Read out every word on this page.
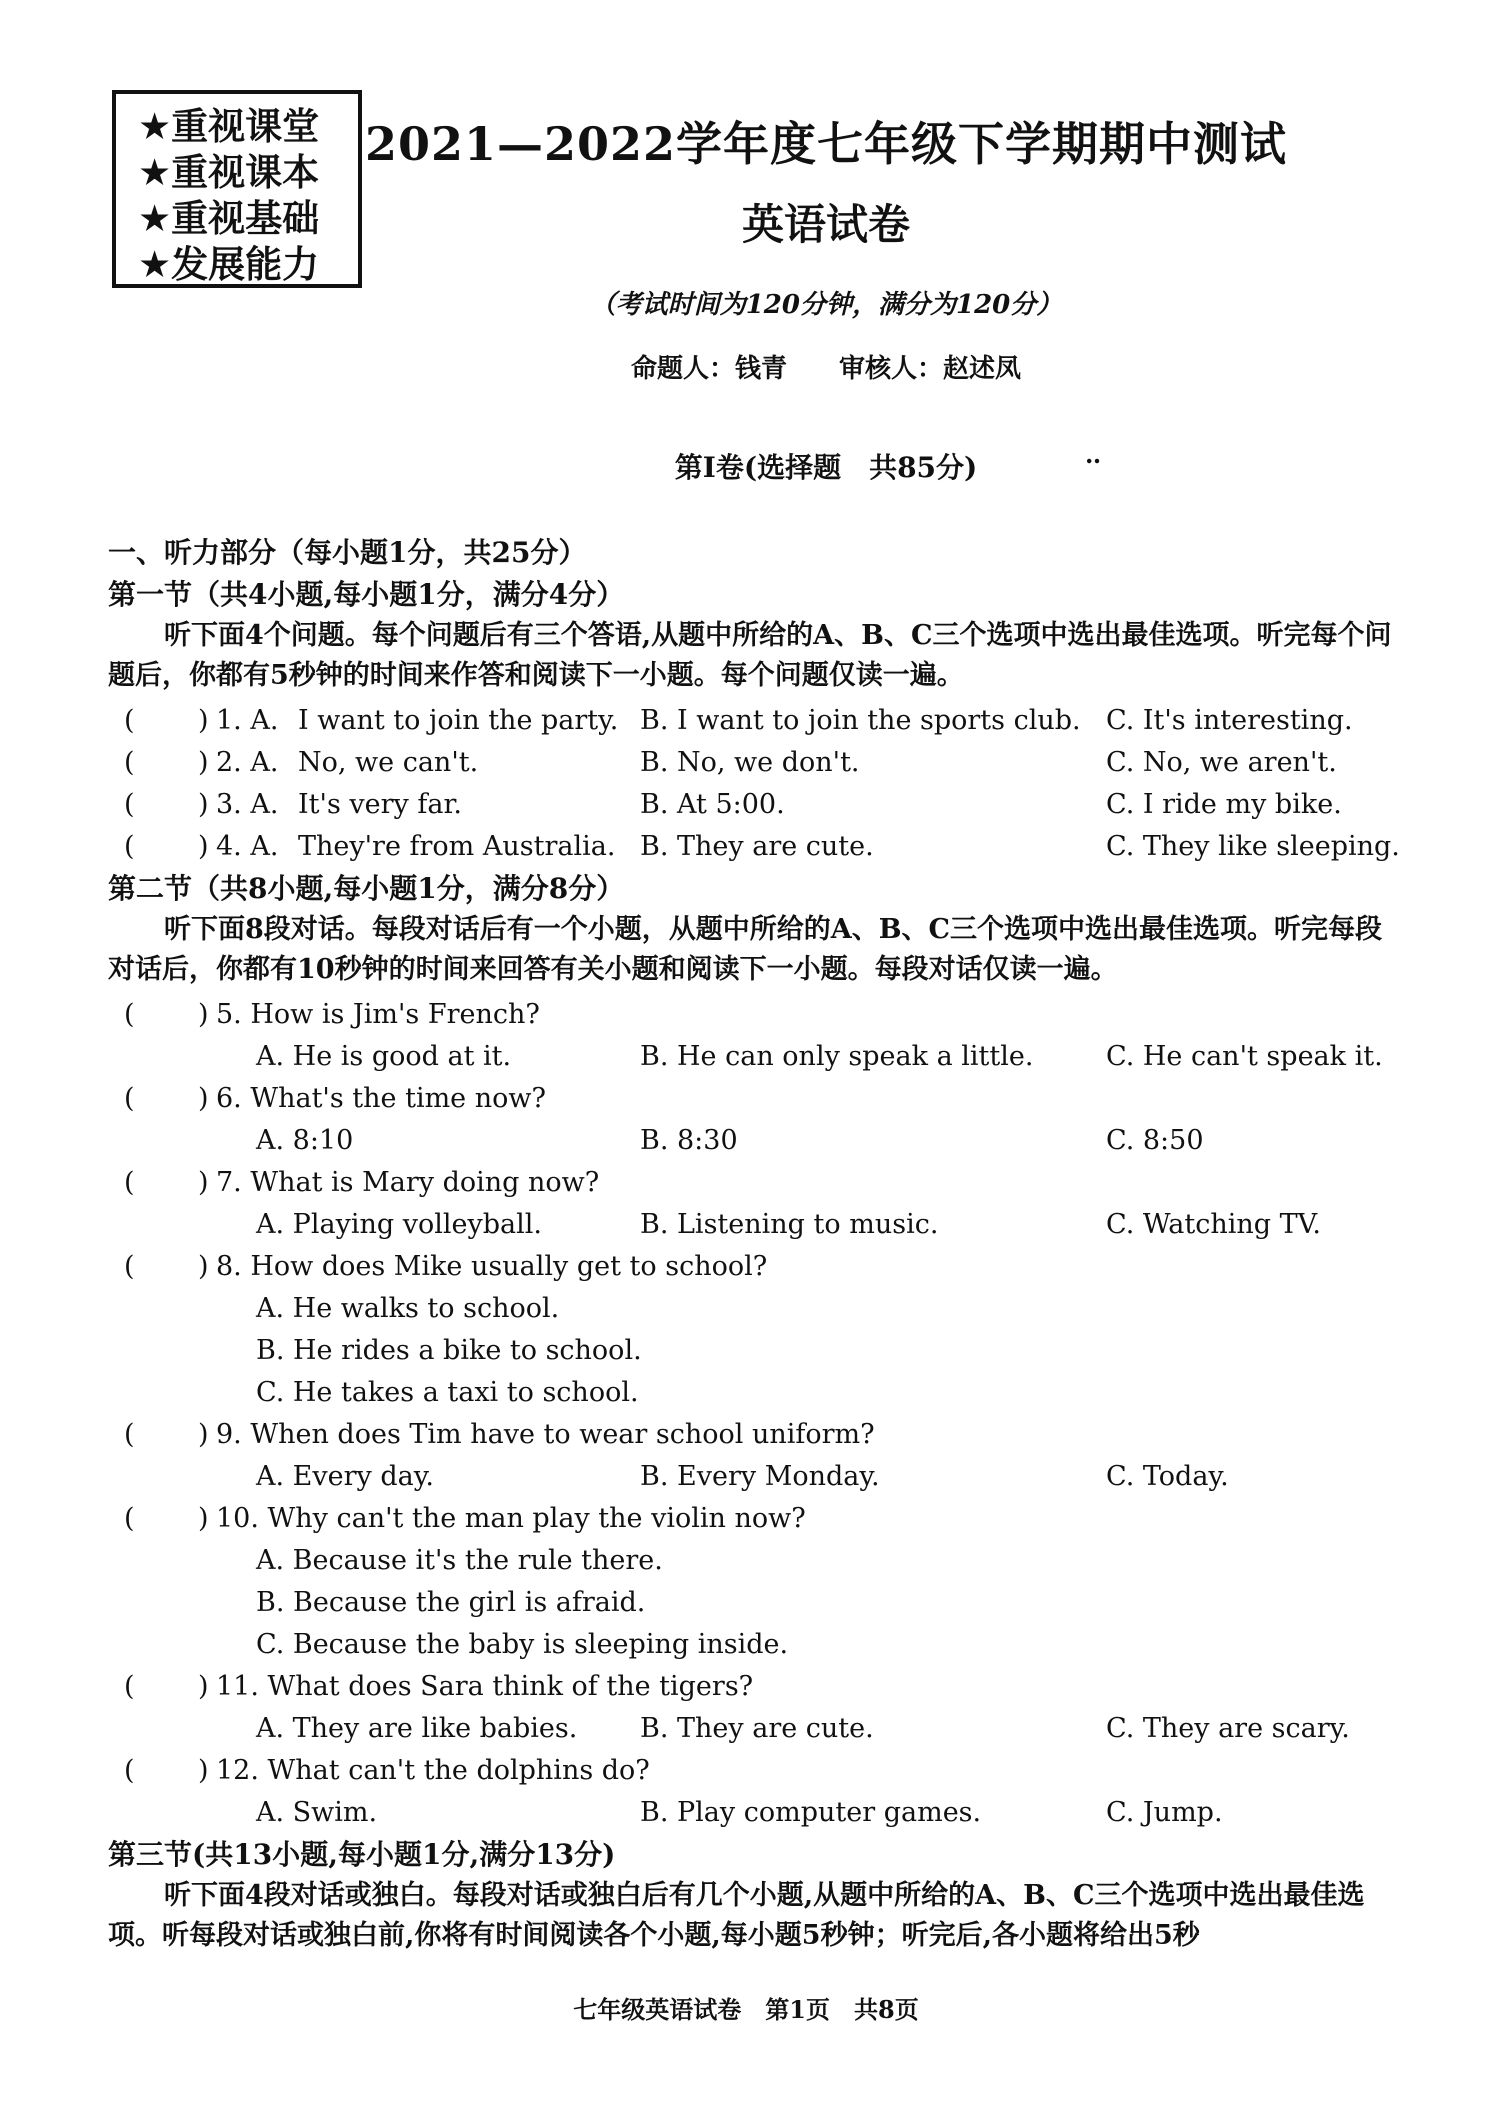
★重视课堂
★重视课本
★重视基础
★发展能力
2021—2022学年度七年级下学期期中测试
英语试卷
（考试时间为120分钟，满分为120分）
命题人：钱青　　审核人：赵述凤
第Ⅰ卷(选择题　共85分)	‥
一、听力部分（每小题1分，共25分）
第一节（共4小题,每小题1分，满分4分）
听下面4个问题。每个问题后有三个答语,从题中所给的A、B、C三个选项中选出最佳选项。听完每个问题后，你都有5秒钟的时间来作答和阅读下一小题。每个问题仅读一遍。
( ) 1. A. I want to join the party. B. I want to join the sports club. C. It's interesting.
( ) 2. A. No, we can't.	B. No, we don't.	C. No, we aren't.
( ) 3. A. It's very far.	B. At 5:00.	C. I ride my bike.
( ) 4. A. They're from Australia. B. They are cute.	C. They like sleeping.
第二节（共8小题,每小题1分，满分8分）
听下面8段对话。每段对话后有一个小题，从题中所给的A、B、C三个选项中选出最佳选项。听完每段对话后，你都有10秒钟的时间来回答有关小题和阅读下一小题。每段对话仅读一遍。
( ) 5. How is Jim's French?
A. He is good at it.	B. He can only speak a little.	C. He can't speak it.
( ) 6. What's the time now?
A. 8:10	B. 8:30	C. 8:50
( ) 7. What is Mary doing now?
A. Playing volleyball.	B. Listening to music.	C. Watching TV.
( ) 8. How does Mike usually get to school?
A. He walks to school.
B. He rides a bike to school.
C. He takes a taxi to school.
( ) 9. When does Tim have to wear school uniform?
A. Every day.	B. Every Monday.	C. Today.
( ) 10. Why can't the man play the violin now?
A. Because it's the rule there.
B. Because the girl is afraid.
C. Because the baby is sleeping inside.
( ) 11. What does Sara think of the tigers?
A. They are like babies. B. They are cute.	C. They are scary.
( ) 12. What can't the dolphins do?
A. Swim.	B. Play computer games.	C. Jump.
第三节(共13小题,每小题1分,满分13分)
听下面4段对话或独白。每段对话或独白后有几个小题,从题中所给的A、B、C三个选项中选出最佳选项。听每段对话或独白前,你将有时间阅读各个小题,每小题5秒钟；听完后,各小题将给出5秒
七年级英语试卷　第1页　共8页
